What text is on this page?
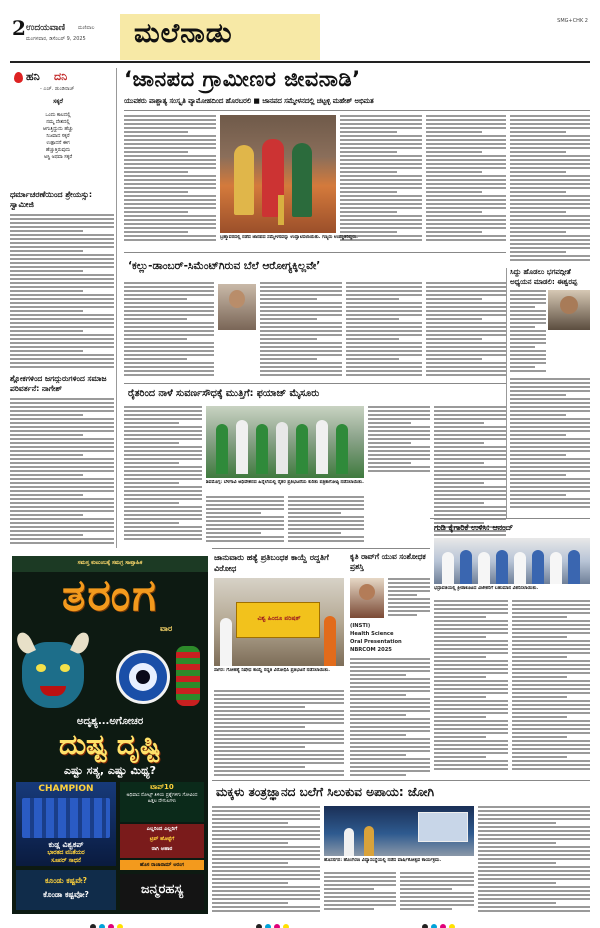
2 ಉದಯವಾಣಿ	ಮಣಿಪಾಲ
ಮಂಗಳವಾರ, ಡಿಸೆಂಬರ್ 9, 2025 ಮಲೆನಾಡು	SMG+CHK 2
ಹನಿ ದನಿ
- ಎಚ್. ಡುಂಡಿರಾಜ್
ಸಕ್ಕರೆ
ಒಂದು ಕಾಲದಲ್ಲಿ
ನಮ್ಮ ದೇಶದಲ್ಲಿ
ಆಗುತ್ತಿದ್ದುದು ಹೆಚ್ಚು
ನಿಜವಾದ ಸಕ್ಕರೆ
ಉತ್ಪಾದನೆ ಈಗ
ಹೆಚ್ಚುತ್ತಿರುವುದು
ಅಸ್ಥಿ ಅಥವಾ ಸಕ್ಕರೆ
ಧರ್ಮಾಚರಣೆಯಿಂದ ಶ್ರೇಯಸ್ಸು: ಸ್ವಾಮೀಜಿ
ಶ್ಲೋಕಗಳಿಂದ ಜಗದ್ಗುರುಗಳಿಂದ ಸಮಾಜ ಪರಿವರ್ತನೆ: ನಾಗೇಶ್
‘ಜಾನಪದ ಗ್ರಾಮೀಣರ ಜೀವನಾಡಿ’
ಯುವಕರು ಪಾಶ್ಚಾತ್ಯ ಸಂಸ್ಕೃತಿ ವ್ಯಾಮೋಹದಿಂದ ಹೊರಬರಲಿ ■ ಜಾನಪದ ಸಮ್ಮೇಳನದಲ್ಲಿ ಚಟ್ಟಳ್ಳಿ ಮಹೇಶ್ ಅಭಿಮತ
ಬ್ರಹ್ಮಾವರದಲ್ಲಿ ನಡೆದ ಜಾನಪದ ಸಮ್ಮೇಳನವನ್ನು ಉದ್ಘಾಟಿಸಲಾಯಿತು. ಗಣ್ಯರು ಉಪಸ್ಥಿತರಿದ್ದರು.
‘ಕಲ್ಲು-ಡಾಂಬರ್-ಸಿಮೆಂಟ್‌ಗಿರುವ ಬೆಲೆ ಆರೋಗ್ಯಕ್ಕಿಲ್ಲವೇ’	ಸಿದ್ದು ಹೊಡಲು ಭಗವದ್ಗೀತೆ ಅಧ್ಯಯನ ಮಾಡಲಿ: ಈಶ್ವರಪ್ಪ
ರೈತರಿಂದ ನಾಳೆ ಸುವರ್ಣಸೌಧಕ್ಕೆ ಮುತ್ತಿಗೆ: ಫಯಾಜ್ ಮೈಸೂರು
ಶಿವಮೊಗ್ಗ: ಬೆಳಗಾವಿ ಅಧಿವೇಶನದ ಹಿನ್ನೆಲೆಯಲ್ಲಿ ರೈತರ ಪ್ರತಿಭಟನೆಯ ಕುರಿತು ಪತ್ರಿಕಾಗೋಷ್ಠಿ ನಡೆಸಲಾಯಿತು.
ಗುಡಿ ಕೈಗಾರಿಕೆ ಉಳಿಸಿ: ಆನಂದ್
ಭದ್ರಾವತಿಯಲ್ಲಿ ಕ್ರೀಡಾಕೂಟದ ವಿಜೇತರಿಗೆ ಬಹುಮಾನ ವಿತರಿಸಲಾಯಿತು.
ಸಮಸ್ತ ಕುಟುಂಬಕ್ಕೆ ಸಮಗ್ರ ಸಾಪ್ತಾಹಿಕ
ತರಂಗ
ವಾರ
ಅದೃಶ್ಯ...ಅಗೋಚರ
ದುಷ್ಟ ದೃಷ್ಟಿ
ಎಷ್ಟು ಸತ್ಯ, ಎಷ್ಟು ಮಿಥ್ಯ?
CHAMPION
ಕುಡ್ಲ ವಿಶ್ವಕಪ್
ಭಾರತದ ವನಿತೆಯರ
ಸೂಪರ್ ಸಾಧನೆ
ಟಾಪ್10
ಅಧಿವಾಸ ನೋಟ್ಸ್ ತಿಳಿಯ ಪ್ರಶ್ನೆಗಳಿಗು ಗೋವಿಂದ ಹಿತ್ತಲ ದೇಗುಲಗಳು
ಎಲ್ಲರಿಂದ ಎಲ್ಲರಿಗೆ
ಟ್ರಿಪ್ ಹೊಟ್ಟೆಗೆ
ರಾಗಿ ಆಹಾರ
ಹೊಸ ರಾಜಾರಾಮ್‌ ಅರಂಗ
ಕೂಂಡು ಕಷ್ಟವೇ?
ಕೊಂಡಾ ಕಷ್ಟವೋ?	ಜನ್ಮರಹಸ್ಯ
ಜಾನುವಾರು ಹತ್ಯೆ ಪ್ರತಿಬಂಧಕ ಕಾಯ್ದೆ ರದ್ದತಿಗೆ ವಿರೋಧ
ವಿಶ್ವ ಹಿಂದೂ ಪರಿಷತ್
ಸಾಗರ: ಗೋಹತ್ಯೆ ನಿಷೇಧ ಕಾಯ್ದೆ ರದ್ದತಿ ವಿರೋಧಿಸಿ ಪ್ರತಿಭಟನೆ ನಡೆಸಲಾಯಿತು.
ಕೃತಿ ರಾವ್‌ಗೆ ಯುವ ಸಂಶೋಧಕ ಪ್ರಶಸ್ತಿ
(INSTI)
Health Science
Oral Presentation
NBRCOM 2025
ಮಕ್ಕಳು ತಂತ್ರಜ್ಞಾನದ ಬಲೆಗೆ ಸಿಲುಕುವ ಅಪಾಯ: ಜೋಗಿ
ಹೊಸನಗರ: ಹೊಂಗಿರಣ ವಿದ್ಯಾಸಂಸ್ಥೆಯಲ್ಲಿ ನಡೆದ ವಾರ್ಷಿಕೋತ್ಸವ ಕಾರ್ಯಕ್ರಮ.
